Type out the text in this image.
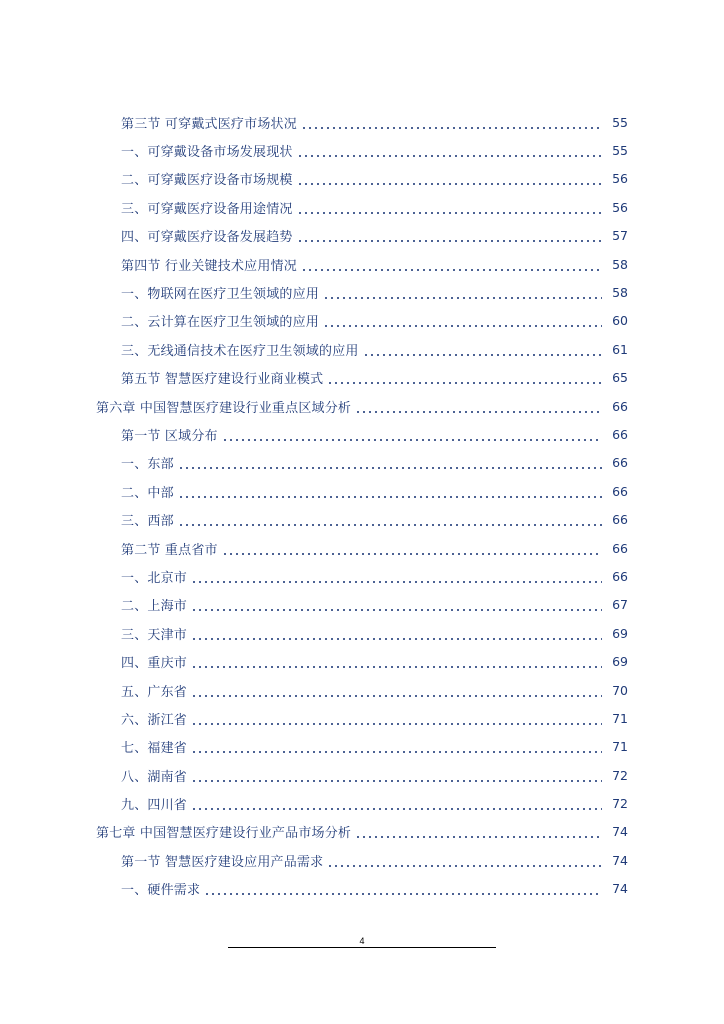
第三节 可穿戴式医疗市场状况	55
一、可穿戴设备市场发展现状	55
二、可穿戴医疗设备市场规模	56
三、可穿戴医疗设备用途情况	56
四、可穿戴医疗设备发展趋势	57
第四节 行业关键技术应用情况	58
一、物联网在医疗卫生领域的应用	58
二、云计算在医疗卫生领域的应用	60
三、无线通信技术在医疗卫生领域的应用	61
第五节 智慧医疗建设行业商业模式	65
第六章 中国智慧医疗建设行业重点区域分析	66
第一节 区域分布	66
一、东部	66
二、中部	66
三、西部	66
第二节 重点省市	66
一、北京市	66
二、上海市	67
三、天津市	69
四、重庆市	69
五、广东省	70
六、浙江省	71
七、福建省	71
八、湖南省	72
九、四川省	72
第七章 中国智慧医疗建设行业产品市场分析	74
第一节 智慧医疗建设应用产品需求	74
一、硬件需求	74
4
